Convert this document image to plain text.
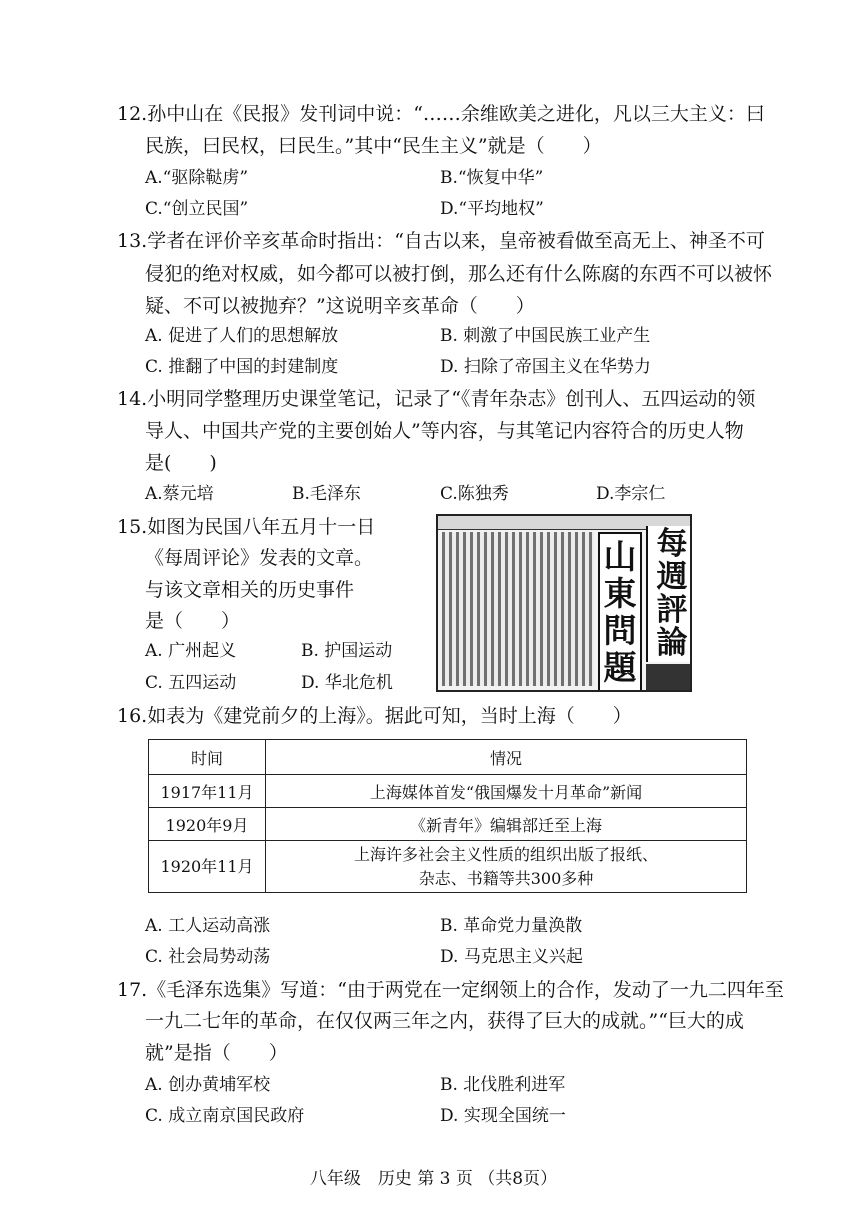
12.孙中山在《民报》发刊词中说：“……余维欧美之进化，凡以三大主义：曰
民族，曰民权，曰民生。”其中“民生主义”就是（　　）
A.“驱除鞑虏”	B.“恢复中华”
C.“创立民国”	D.“平均地权”
13.学者在评价辛亥革命时指出：“自古以来，皇帝被看做至高无上、神圣不可
侵犯的绝对权威，如今都可以被打倒，那么还有什么陈腐的东西不可以被怀
疑、不可以被抛弃？”这说明辛亥革命（　　）
A. 促进了人们的思想解放	B. 刺激了中国民族工业产生
C. 推翻了中国的封建制度	D. 扫除了帝国主义在华势力
14.小明同学整理历史课堂笔记，记录了“《青年杂志》创刊人、五四运动的领
导人、中国共产党的主要创始人”等内容，与其笔记内容符合的历史人物
是(　　)
A.蔡元培	B.毛泽东	C.陈独秀	D.李宗仁
15.如图为民国八年五月十一日
《每周评论》发表的文章。
与该文章相关的历史事件
是（　　）
A. 广州起义	B. 护国运动
C. 五四运动	D. 华北危机
山東問題
每週評論
16.如表为《建党前夕的上海》。据此可知，当时上海（　　）
时间	情况
1917年11月	上海媒体首发“俄国爆发十月革命”新闻
1920年9月	《新青年》编辑部迁至上海
1920年11月	上海许多社会主义性质的组织出版了报纸、
杂志、书籍等共300多种
A. 工人运动高涨	B. 革命党力量涣散
C. 社会局势动荡	D. 马克思主义兴起
17.《毛泽东选集》写道：“由于两党在一定纲领上的合作，发动了一九二四年至
一九二七年的革命，在仅仅两三年之内，获得了巨大的成就。”“巨大的成
就”是指（　　）
A. 创办黄埔军校	B. 北伐胜利进军
C. 成立南京国民政府	D. 实现全国统一
八年级　历史 第 3 页 （共8页）
